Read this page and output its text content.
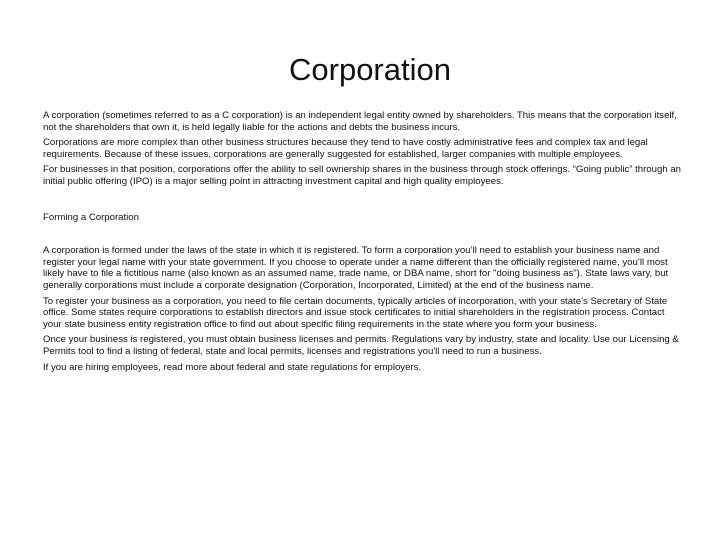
Corporation

A corporation (sometimes referred to as a C corporation) is an independent legal entity owned by shareholders. This means that the corporation itself, not the shareholders that own it, is held legally liable for the actions and debts the business incurs.

Corporations are more complex than other business structures because they tend to have costly administrative fees and complex tax and legal requirements. Because of these issues, corporations are generally suggested for established, larger companies with multiple employees.

For businesses in that position, corporations offer the ability to sell ownership shares in the business through stock offerings. “Going public” through an initial public offering (IPO) is a major selling point in attracting investment capital and high quality employees.

Forming a Corporation

A corporation is formed under the laws of the state in which it is registered. To form a corporation you’ll need to establish your business name and register your legal name with your state government. If you choose to operate under a name different than the officially registered name, you’ll most likely have to file a fictitious name (also known as an assumed name, trade name, or DBA name, short for "doing business as"). State laws vary, but generally corporations must include a corporate designation (Corporation, Incorporated, Limited) at the end of the business name.

To register your business as a corporation, you need to file certain documents, typically articles of incorporation, with your state’s Secretary of State office. Some states require corporations to establish directors and issue stock certificates to initial shareholders in the registration process. Contact your state business entity registration office to find out about specific filing requirements in the state where you form your business.

Once your business is registered, you must obtain business licenses and permits. Regulations vary by industry, state and locality. Use our Licensing & Permits tool to find a listing of federal, state and local permits, licenses and registrations you'll need to run a business.

If you are hiring employees, read more about federal and state regulations for employers.
